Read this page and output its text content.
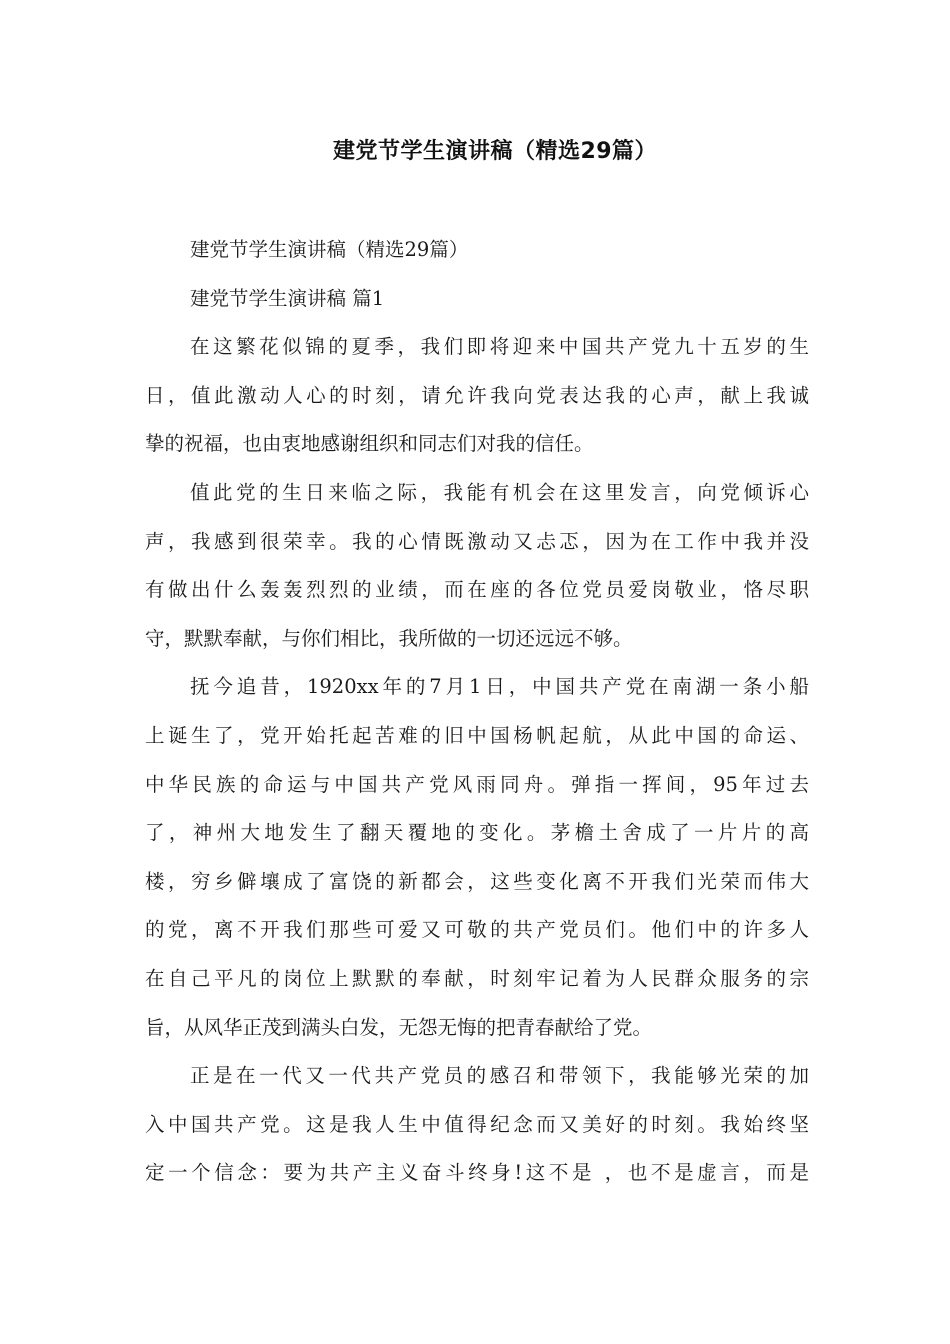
建党节学生演讲稿（精选29篇）
建党节学生演讲稿（精选29篇）
建党节学生演讲稿 篇1
在这繁花似锦的夏季，我们即将迎来中国共产党九十五岁的生
日，值此激动人心的时刻，请允许我向党表达我的心声，献上我诚
挚的祝福，也由衷地感谢组织和同志们对我的信任。
值此党的生日来临之际，我能有机会在这里发言，向党倾诉心
声，我感到很荣幸。我的心情既激动又忐忑，因为在工作中我并没
有做出什么轰轰烈烈的业绩，而在座的各位党员爱岗敬业，恪尽职
守，默默奉献，与你们相比，我所做的一切还远远不够。
抚今追昔，1920xx年的7月1日，中国共产党在南湖一条小船
上诞生了，党开始托起苦难的旧中国杨帆起航，从此中国的命运、
中华民族的命运与中国共产党风雨同舟。弹指一挥间，95年过去
了，神州大地发生了翻天覆地的变化。茅檐土舍成了一片片的高
楼，穷乡僻壤成了富饶的新都会，这些变化离不开我们光荣而伟大
的党，离不开我们那些可爱又可敬的共产党员们。他们中的许多人
在自己平凡的岗位上默默的奉献，时刻牢记着为人民群众服务的宗
旨，从风华正茂到满头白发，无怨无悔的把青春献给了党。
正是在一代又一代共产党员的感召和带领下，我能够光荣的加
入中国共产党。这是我人生中值得纪念而又美好的时刻。我始终坚
定一个信念：要为共产主义奋斗终身!这不是 ，也不是虚言，而是
